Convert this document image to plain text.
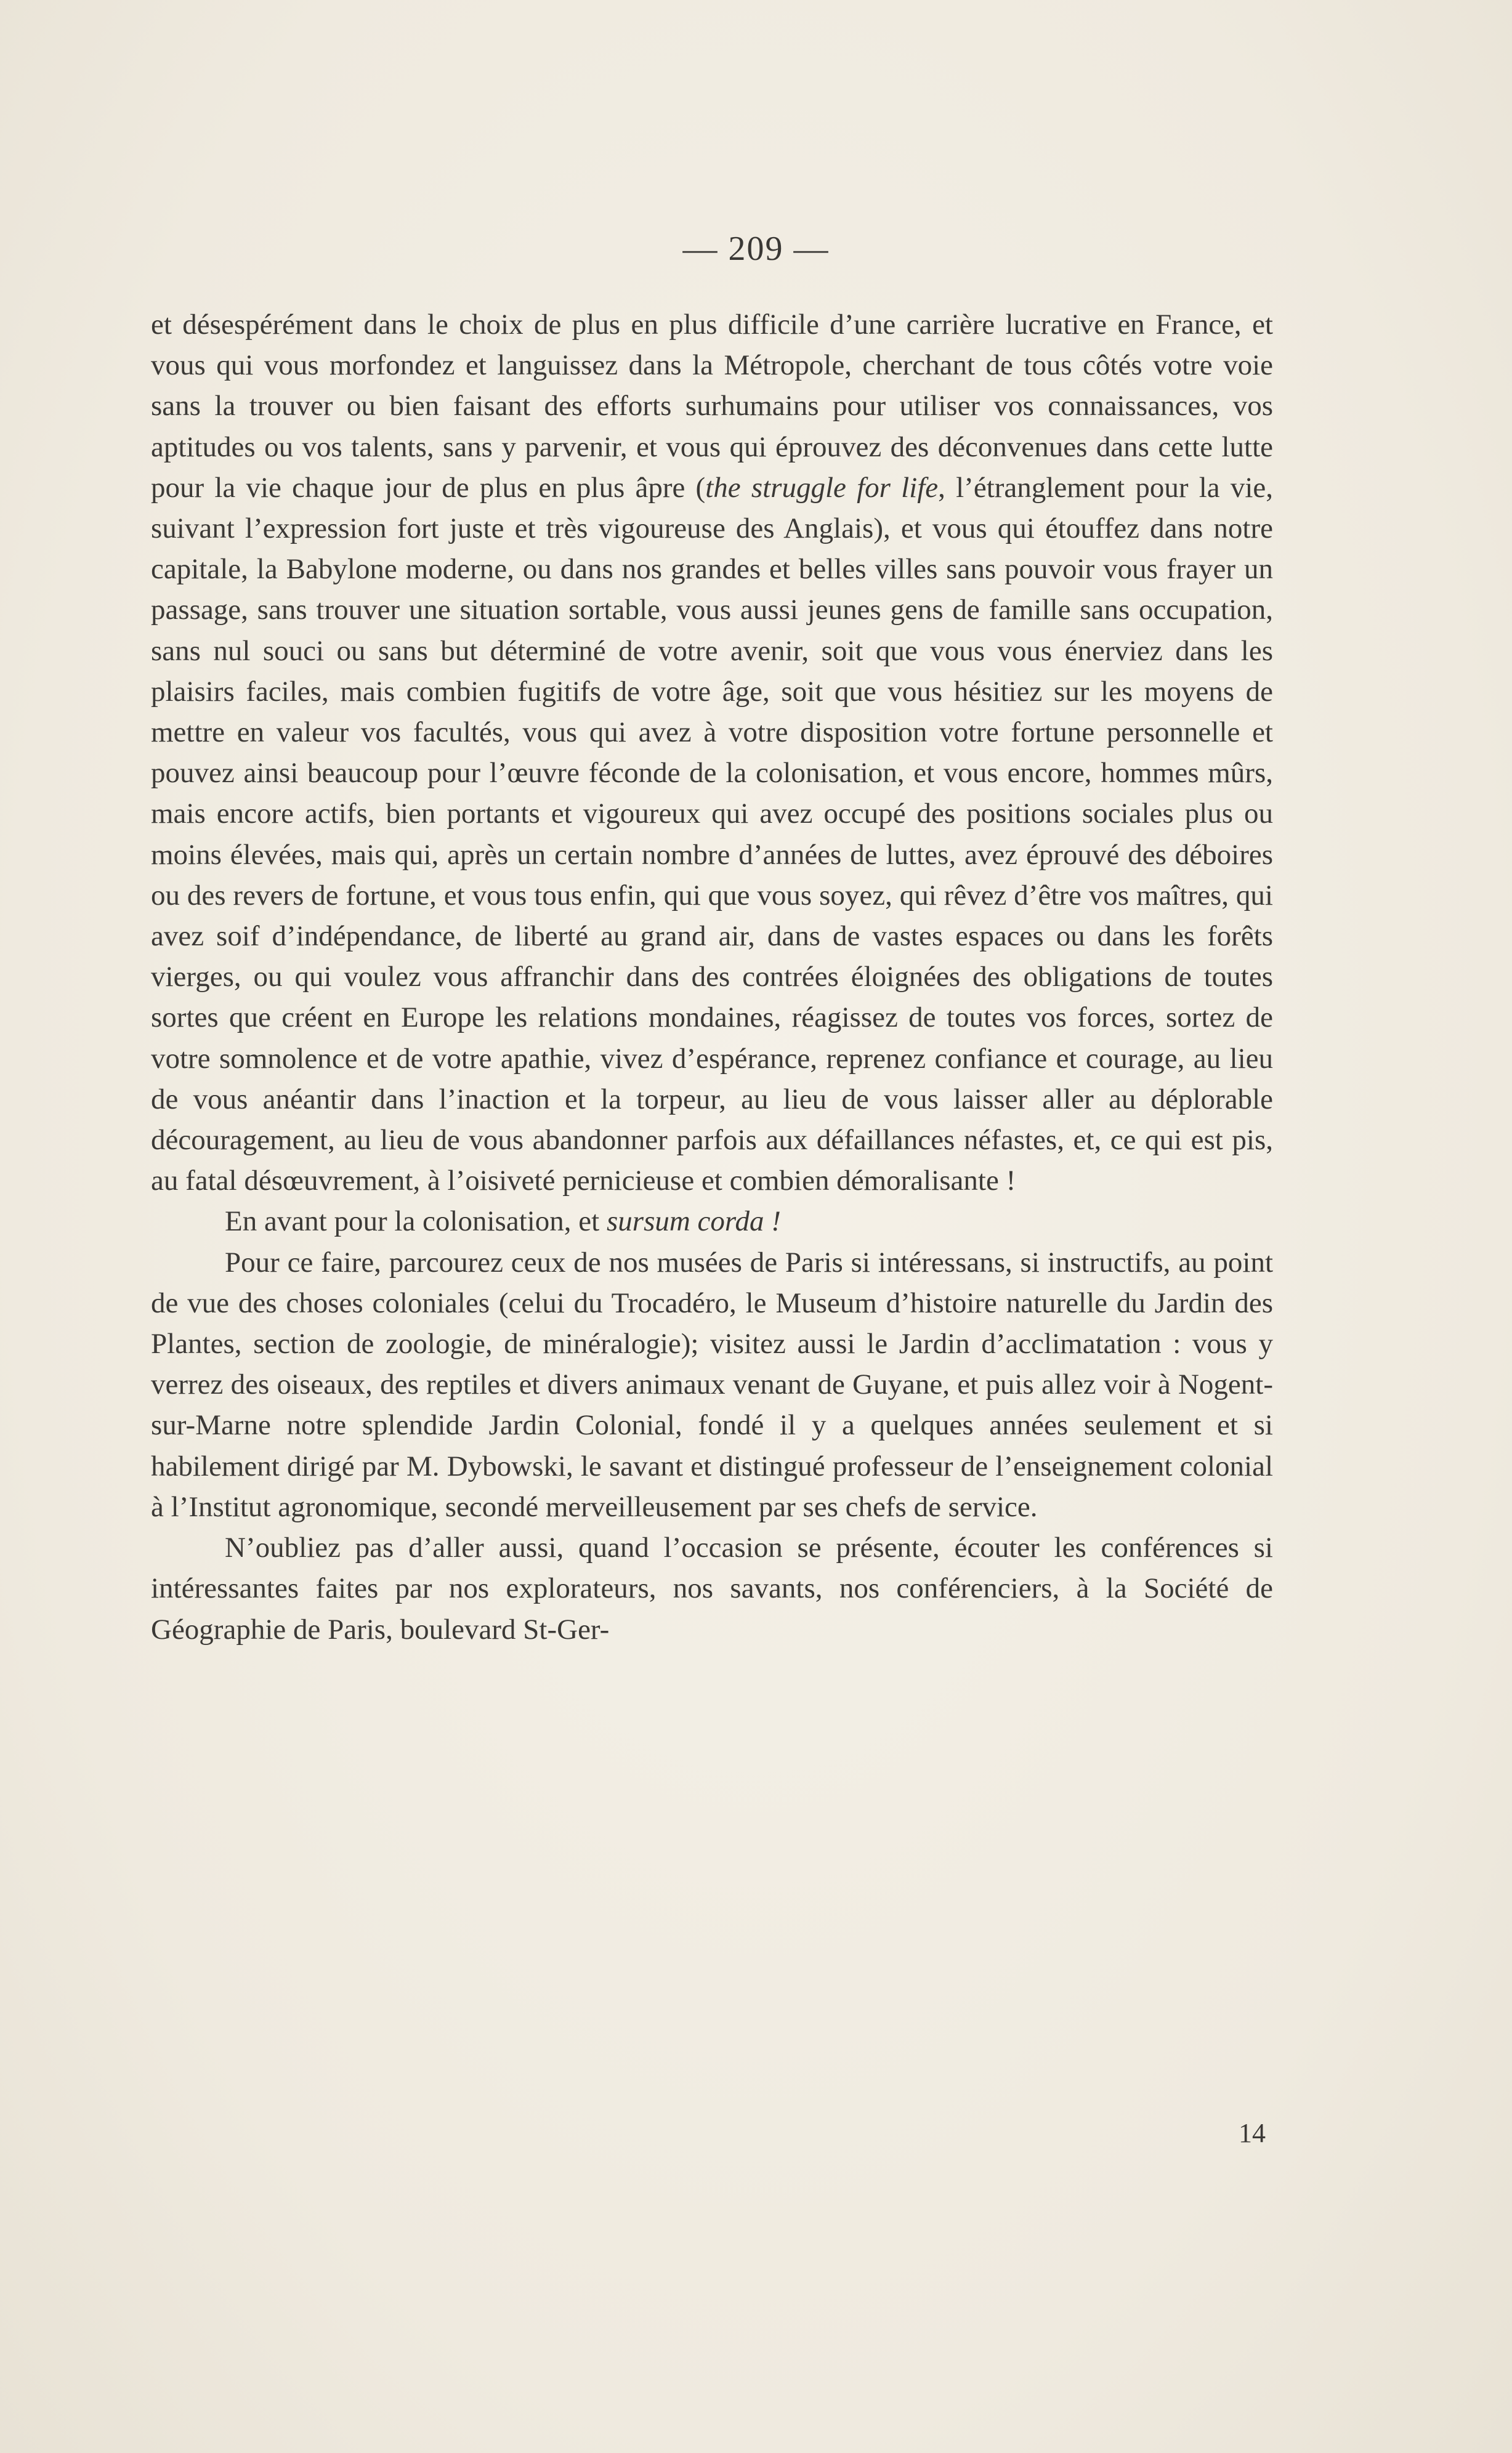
— 209 —

et désespérément dans le choix de plus en plus difficile d’une carrière lucrative en France, et vous qui vous morfondez et languissez dans la Métropole, cherchant de tous côtés votre voie sans la trouver ou bien faisant des efforts surhumains pour utiliser vos connaissances, vos aptitudes ou vos talents, sans y parvenir, et vous qui éprouvez des déconvenues dans cette lutte pour la vie chaque jour de plus en plus âpre (the struggle for life, l’étranglement pour la vie, suivant l’expression fort juste et très vigoureuse des Anglais), et vous qui étouffez dans notre capitale, la Babylone moderne, ou dans nos grandes et belles villes sans pouvoir vous frayer un passage, sans trouver une situation sortable, vous aussi jeunes gens de famille sans occupation, sans nul souci ou sans but déterminé de votre avenir, soit que vous vous énerviez dans les plaisirs faciles, mais combien fugitifs de votre âge, soit que vous hésitiez sur les moyens de mettre en valeur vos facultés, vous qui avez à votre disposition votre fortune personnelle et pouvez ainsi beaucoup pour l’œuvre féconde de la colonisation, et vous encore, hommes mûrs, mais encore actifs, bien portants et vigoureux qui avez occupé des positions sociales plus ou moins élevées, mais qui, après un certain nombre d’années de luttes, avez éprouvé des déboires ou des revers de fortune, et vous tous enfin, qui que vous soyez, qui rêvez d’être vos maîtres, qui avez soif d’indépendance, de liberté au grand air, dans de vastes espaces ou dans les forêts vierges, ou qui voulez vous affranchir dans des contrées éloignées des obligations de toutes sortes que créent en Europe les relations mondaines, réagissez de toutes vos forces, sortez de votre somnolence et de votre apathie, vivez d’espérance, reprenez confiance et courage, au lieu de vous anéantir dans l’inaction et la torpeur, au lieu de vous laisser aller au déplorable découragement, au lieu de vous abandonner parfois aux défaillances néfastes, et, ce qui est pis, au fatal désœuvrement, à l’oisiveté pernicieuse et combien démoralisante !

En avant pour la colonisation, et sursum corda !

Pour ce faire, parcourez ceux de nos musées de Paris si intéressans, si instructifs, au point de vue des choses coloniales (celui du Trocadéro, le Museum d’histoire naturelle du Jardin des Plantes, section de zoologie, de minéralogie); visitez aussi le Jardin d’acclimatation : vous y verrez des oiseaux, des reptiles et divers animaux venant de Guyane, et puis allez voir à Nogent-sur-Marne notre splendide Jardin Colonial, fondé il y a quelques années seulement et si habilement dirigé par M. Dybowski, le savant et distingué professeur de l’enseignement colonial à l’Institut agronomique, secondé merveilleusement par ses chefs de service.

N’oubliez pas d’aller aussi, quand l’occasion se présente, écouter les conférences si intéressantes faites par nos explorateurs, nos savants, nos conférenciers, à la Société de Géographie de Paris, boulevard St-Ger-

14
